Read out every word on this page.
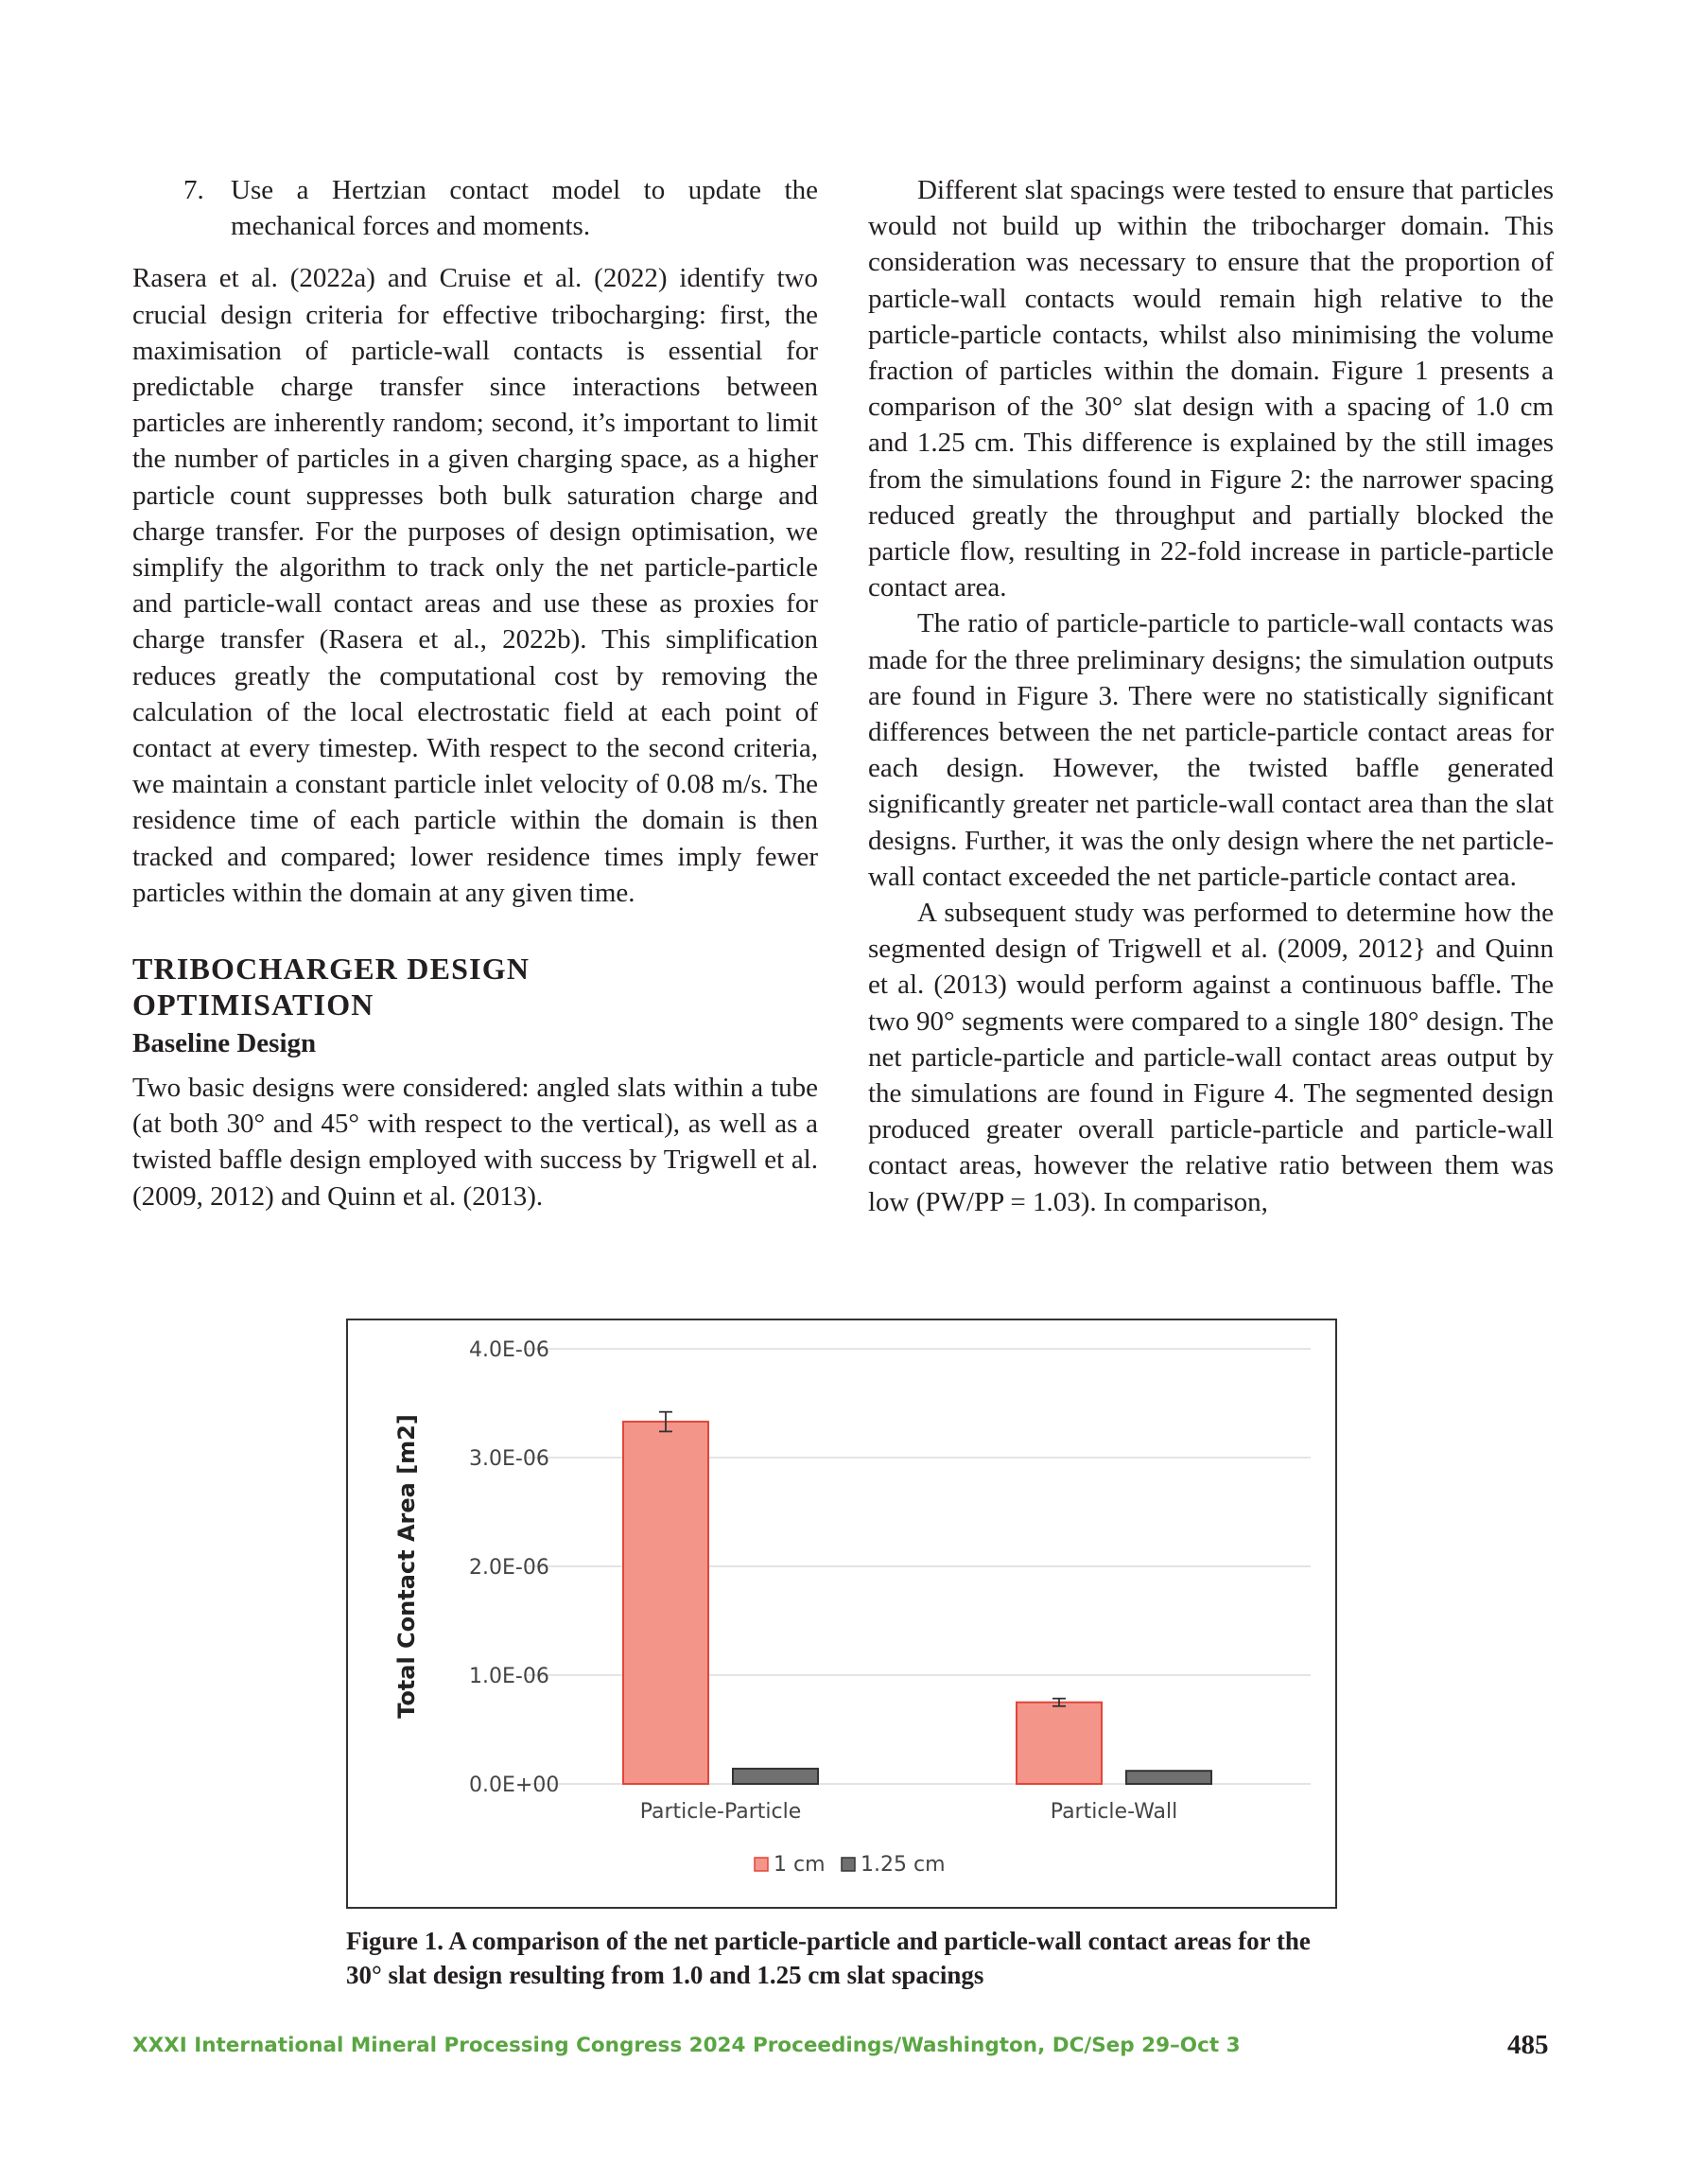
7. Use a Hertzian contact model to update the mechanical forces and moments.

Rasera et al. (2022a) and Cruise et al. (2022) identify two crucial design criteria for effective tribocharging: first, the maximisation of particle-wall contacts is essential for predictable charge transfer since interactions between particles are inherently random; second, it’s important to limit the number of particles in a given charging space, as a higher particle count suppresses both bulk saturation charge and charge transfer. For the purposes of design optimisation, we simplify the algorithm to track only the net particle-particle and particle-wall contact areas and use these as proxies for charge transfer (Rasera et al., 2022b). This simplification reduces greatly the computational cost by removing the calculation of the local electrostatic field at each point of contact at every timestep. With respect to the second criteria, we maintain a constant particle inlet velocity of 0.08 m/s. The residence time of each particle within the domain is then tracked and compared; lower residence times imply fewer particles within the domain at any given time.

TRIBOCHARGER DESIGN
OPTIMISATION
Baseline Design

Two basic designs were considered: angled slats within a tube (at both 30° and 45° with respect to the vertical), as well as a twisted baffle design employed with success by Trigwell et al. (2009, 2012) and Quinn et al. (2013).

Different slat spacings were tested to ensure that particles would not build up within the tribocharger domain. This consideration was necessary to ensure that the proportion of particle-wall contacts would remain high relative to the particle-particle contacts, whilst also minimising the volume fraction of particles within the domain. Figure 1 presents a comparison of the 30° slat design with a spacing of 1.0 cm and 1.25 cm. This difference is explained by the still images from the simulations found in Figure 2: the narrower spacing reduced greatly the throughput and partially blocked the particle flow, resulting in 22-fold increase in particle-particle contact area.

The ratio of particle-particle to particle-wall contacts was made for the three preliminary designs; the simulation outputs are found in Figure 3. There were no statistically significant differences between the net particle-particle contact areas for each design. However, the twisted baffle generated significantly greater net particle-wall contact area than the slat designs. Further, it was the only design where the net particle-wall contact exceeded the net particle-particle contact area.

A subsequent study was performed to determine how the segmented design of Trigwell et al. (2009, 2012} and Quinn et al. (2013) would perform against a continuous baffle. The two 90° segments were compared to a single 180° design. The net particle-particle and particle-wall contact areas output by the simulations are found in Figure 4. The segmented design produced greater overall particle-particle and particle-wall contact areas, however the relative ratio between them was low (PW/PP = 1.03). In comparison,

0.0E+00
1.0E-06
2.0E-06
3.0E-06
4.0E-06
Total Contact Area [m2]
Particle-Particle	Particle-Wall
1 cm 1.25 cm
Figure 1. A comparison of the net particle-particle and particle-wall contact areas for the
30° slat design resulting from 1.0 and 1.25 cm slat spacings
XXXI International Mineral Processing Congress 2024 Proceedings/Washington, DC/Sep 29–Oct 3	485
